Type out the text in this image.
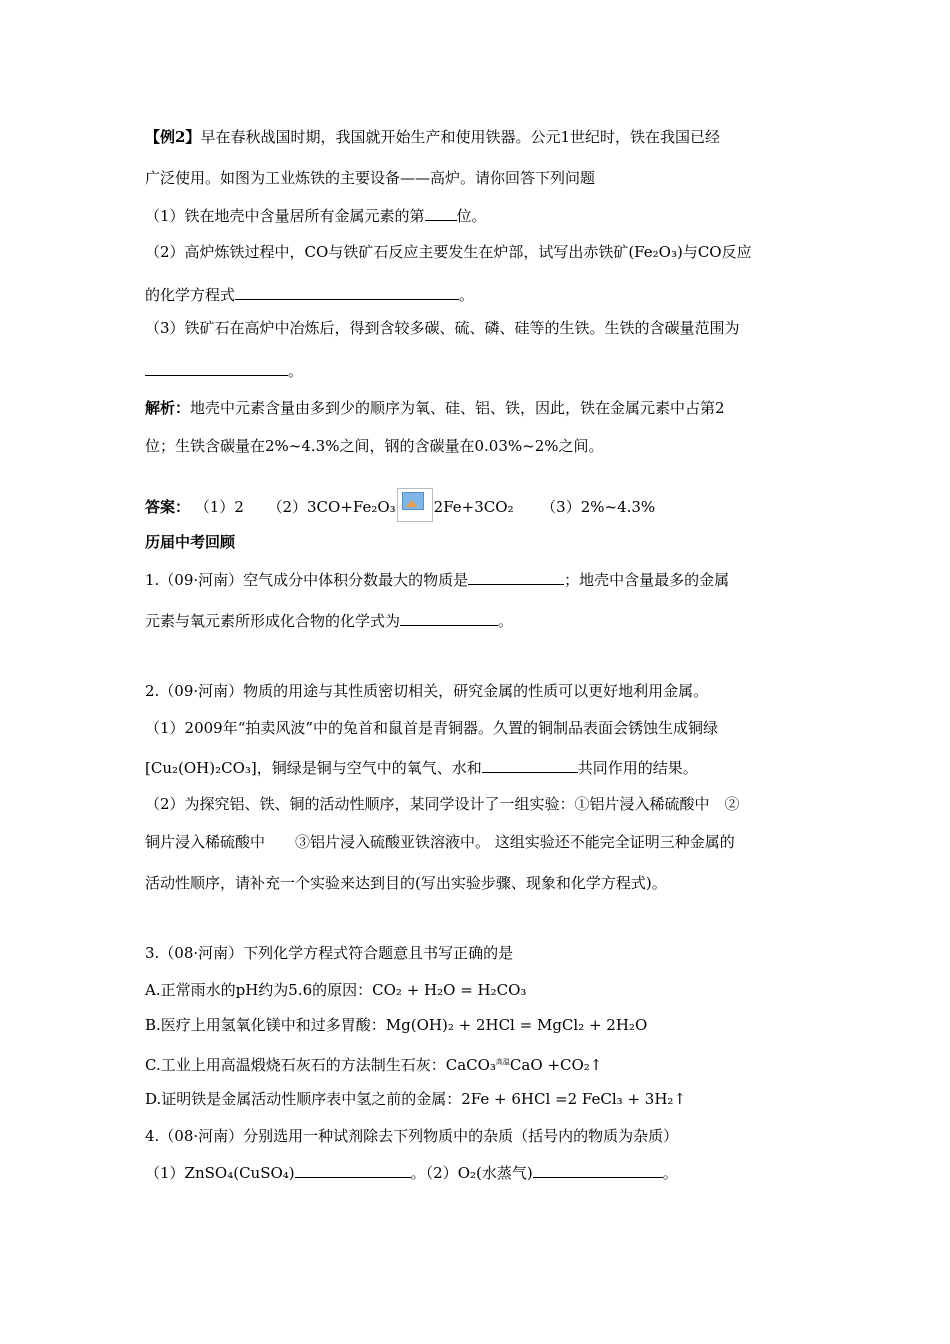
【例2】早在春秋战国时期，我国就开始生产和使用铁器。公元1世纪时，铁在我国已经
广泛使用。如图为工业炼铁的主要设备——高炉。请你回答下列问题
（1）铁在地壳中含量居所有金属元素的第 位。
（2）高炉炼铁过程中，CO与铁矿石反应主要发生在炉部，试写出赤铁矿(Fe₂O₃)与CO反应
的化学方程式	。
（3）铁矿石在高炉中冶炼后，得到含较多碳、硫、磷、硅等的生铁。生铁的含碳量范围为
。
解析：地壳中元素含量由多到少的顺序为氧、硅、铝、铁，因此，铁在金属元素中占第2
位；生铁含碳量在2%~4.3%之间，钢的含碳量在0.03%~2%之间。
答案： （1）2 （2）3CO+Fe₂O₃	2Fe+3CO₂ （3）2%~4.3%
历届中考回顾
1.（09·河南）空气成分中体积分数最大的物质是	；地壳中含量最多的金属
元素与氧元素所形成化合物的化学式为	。
2.（09·河南）物质的用途与其性质密切相关，研究金属的性质可以更好地利用金属。
（1）2009年“拍卖风波”中的兔首和鼠首是青铜器。久置的铜制品表面会锈蚀生成铜绿
[Cu₂(OH)₂CO₃]，铜绿是铜与空气中的氧气、水和	共同作用的结果。
（2）为探究铝、铁、铜的活动性顺序，某同学设计了一组实验：①铝片浸入稀硫酸中　②
铜片浸入稀硫酸中　　③铝片浸入硫酸亚铁溶液中。 这组实验还不能完全证明三种金属的
活动性顺序，请补充一个实验来达到目的(写出实验步骤、现象和化学方程式)。
3.（08·河南）下列化学方程式符合题意且书写正确的是
A.正常雨水的pH约为5.6的原因：CO₂ + H₂O = H₂CO₃
B.医疗上用氢氧化镁中和过多胃酸：Mg(OH)₂ + 2HCl = MgCl₂ + 2H₂O
C.工业上用高温煅烧石灰石的方法制生石灰：CaCO₃$^{高温}$CaO +CO₂↑
D.证明铁是金属活动性顺序表中氢之前的金属：2Fe + 6HCl =2 FeCl₃ + 3H₂↑
4.（08·河南）分别选用一种试剂除去下列物质中的杂质（括号内的物质为杂质）
（1）ZnSO₄(CuSO₄)	。（2）O₂(水蒸气)	。
